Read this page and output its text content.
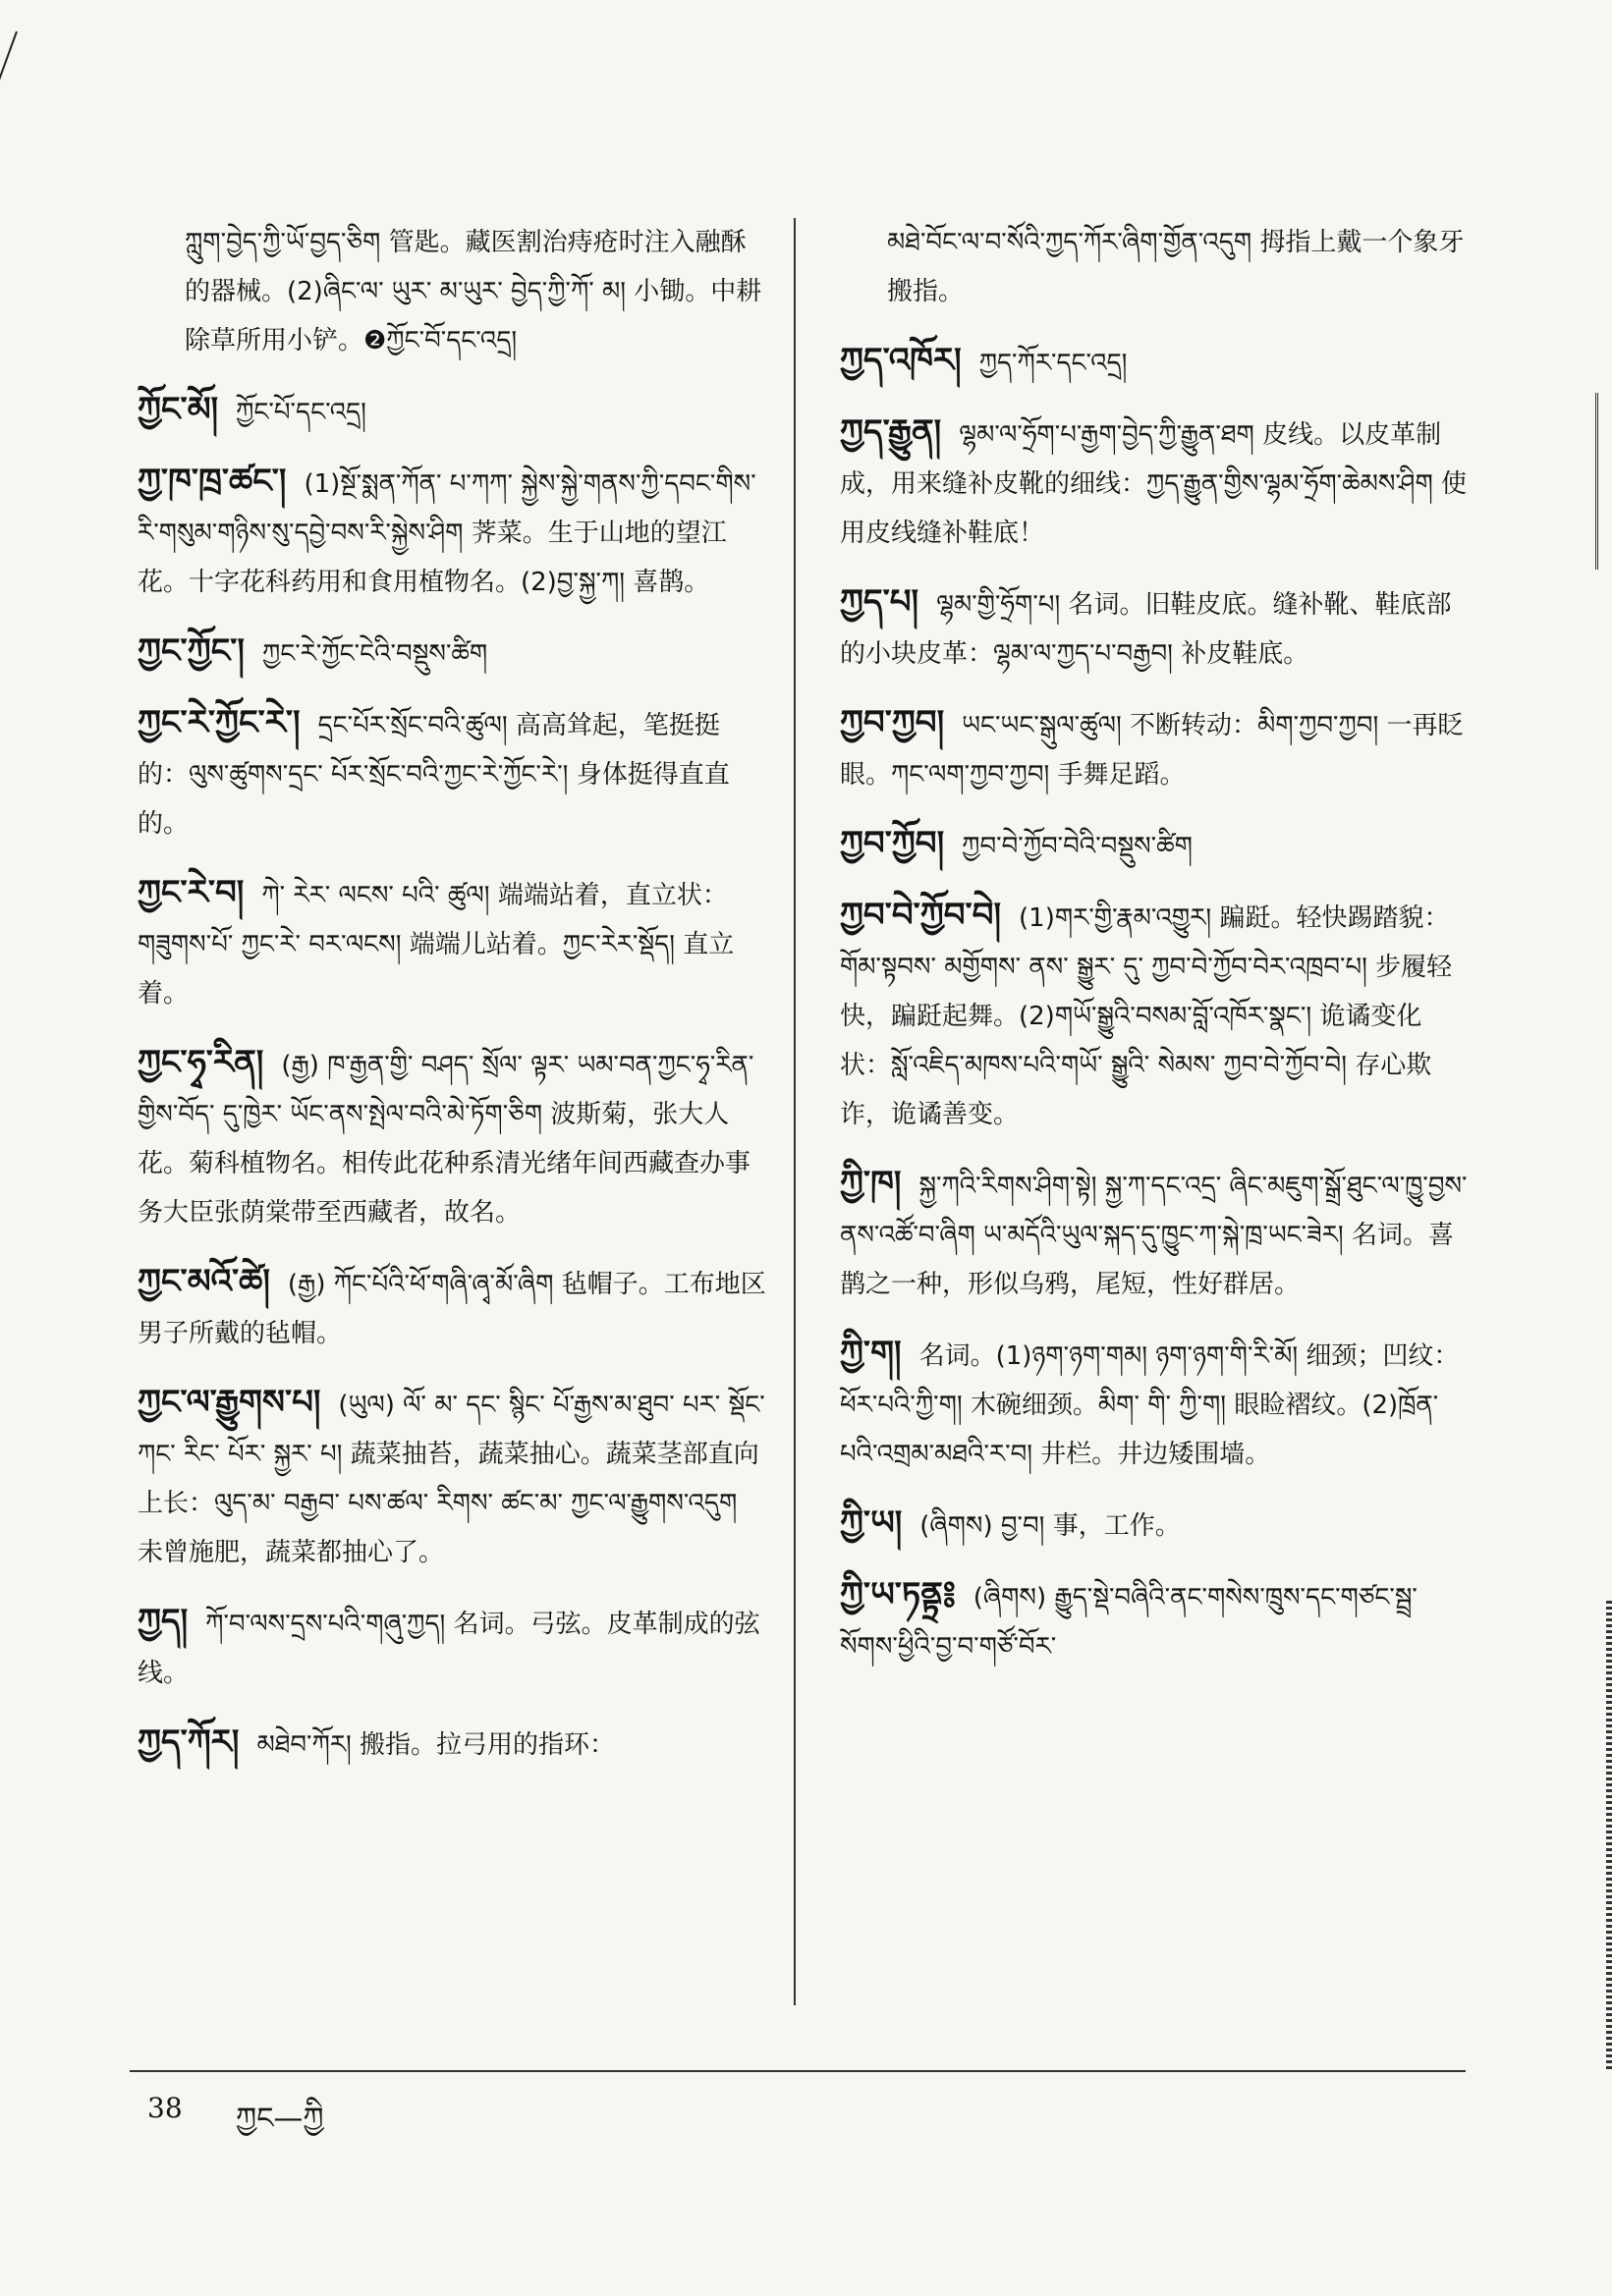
ཀླུག་བྱེད་ཀྱི་ཡོ་བྱད་ཅིག 管匙。藏医割治痔疮时注入融酥的器械。(2)ཞིང་ལ་ ཡུར་ མ་ཡུར་ བྱེད་ཀྱི་ཀོ་ མ། 小锄。中耕除草所用小铲。❷ཀྱོང་བོ་དང་འདྲ།
ཀྱོང་མོ། ཀྱོང་པོ་དང་འདྲ།
ཀྱ་ཁ་ཁྲ་ཚང་། (1)སྔོ་སྨན་ཀོན་ པ་ཀཀ་ སྐྱེས་སྐྱེ་གནས་ཀྱི་དབང་གིས་རི་གསུམ་གཉིས་སུ་དབྱེ་བས་རི་སྐྱེས་ཤིག 荠菜。生于山地的望江花。十字花科药用和食用植物名。(2)བྱ་སྐྱ་ཀ། 喜鹊。
ཀྱང་ཀྱོང་། ཀྱང་རེ་ཀྱོང་ངེའི་བསྡུས་ཚིག
ཀྱང་རེ་ཀྱོང་རེ་། དྲང་པོར་སྲོང་བའི་ཚུལ། 高高耸起，笔挺挺的：ལུས་ཚུགས་དྲང་ པོར་སྲོང་བའི་ཀྱང་རེ་ཀྱོང་རེ་། 身体挺得直直的。
ཀྱང་རེ་བ། ཀེ་ རེར་ ལངས་ པའི་ ཚུལ། 端端站着，直立状：གཟུགས་པོ་ ཀྱང་རེ་ བར་ལངས། 端端儿站着。ཀྱང་རེར་སྡོད། 直立着。
ཀྱང་ཧྭ་རིན། (རྒྱ) ཁ་རྒྱན་གྱི་ བཤད་ སྲོལ་ ལྟར་ ཡམ་བན་ཀྱང་ཧྭ་རིན་གྱིས་བོད་ དུ་ཁྱེར་ ཡོང་ནས་སྤེལ་བའི་མེ་ཏོག་ཅིག 波斯菊，张大人花。菊科植物名。相传此花种系清光绪年间西藏查办事务大臣张荫棠带至西藏者，故名。
ཀྱང་མའོ་ཚེ། (རྒྱ) ཀོང་པོའི་ཕོ་གཞི་ཞྭ་མོ་ཞིག 毡帽子。工布地区男子所戴的毡帽。
ཀྱང་ལ་རྒྱུགས་པ། (ཡུལ) ལོ་ མ་ དང་ སྙིང་ པོ་རྒྱས་མ་ཐུབ་ པར་ སྡོང་ཀང་ རིང་ པོར་ སྐྱར་ པ། 蔬菜抽苔，蔬菜抽心。蔬菜茎部直向上长：ལུད་མ་ བརྒྱབ་ པས་ཚལ་ རིགས་ ཚང་མ་ ཀྱང་ལ་རྒྱུགས་འདུག 未曾施肥，蔬菜都抽心了。
ཀྱད། ཀོ་བ་ལས་དྲས་པའི་གཞུ་ཀྱད། 名词。弓弦。皮革制成的弦线。
ཀྱད་ཀོར། མཐེབ་ཀོར། 搬指。拉弓用的指环：
མཐེ་བོང་ལ་བ་སོའི་ཀྱད་ཀོར་ཞིག་གྱོན་འདུག 拇指上戴一个象牙搬指。
ཀྱད་འཁོར། ཀྱད་ཀོར་དང་འདྲ།
ཀྱད་རྒྱུན། ལྷམ་ལ་ཧྲོག་པ་རྒྱག་བྱེད་ཀྱི་རྒྱུན་ཐག 皮线。以皮革制成，用来缝补皮靴的细线：ཀྱད་རྒྱུན་གྱིས་ལྷམ་ཧྲོག་ཆེམས་ཤིག 使用皮线缝补鞋底！
ཀྱད་པ། ལྷམ་གྱི་ཧྲོག་པ། 名词。旧鞋皮底。缝补靴、鞋底部的小块皮革：ལྷམ་ལ་ཀྱད་པ་བརྒྱབ། 补皮鞋底。
ཀྱབ་ཀྱབ། ཡང་ཡང་སྒུལ་ཚུལ། 不断转动：མིག་ཀྱབ་ཀྱབ། 一再眨眼。ཀང་ལག་ཀྱབ་ཀྱབ། 手舞足蹈。
ཀྱབ་ཀྱོབ། ཀྱབ་བེ་ཀྱོབ་བེའི་བསྡུས་ཚིག
ཀྱབ་བེ་ཀྱོབ་བེ། (1)གར་གྱི་རྣམ་འགྱུར། 蹁跹。轻快踢踏貌：གོམ་སྟབས་ མགྱོགས་ ནས་ སྒྱུར་ དུ་ ཀྱབ་བེ་ཀྱོབ་བེར་འཁྲབ་པ། 步履轻快，蹁跹起舞。(2)གཡོ་སྒྱུའི་བསམ་བློ་འཁོར་སྣང་། 诡谲变化状：སློ་འཇིད་མཁས་པའི་གཡོ་ སྒྱུའི་ སེམས་ ཀྱབ་བེ་ཀྱོབ་བེ། 存心欺诈，诡谲善变。
ཀྱི་ཁ། སྐྱ་ཀའི་རིགས་ཤིག་སྟེ། སྐྱ་ཀ་དང་འདྲ་ ཞིང་མཇུག་སྒྲོ་ཐུང་ལ་ཁྱུ་བྱས་ནས་འཚོ་བ་ཞིག ཡ་མདོའི་ཡུལ་སྐད་དུ་ཁྱུང་ཀ་སྐེ་ཁྲ་ཡང་ཟེར། 名词。喜鹊之一种，形似乌鸦，尾短，性好群居。
ཀྱི་ག། 名词。(1)ཉག་ཉག་གམ། ཉག་ཉག་གི་རི་མོ། 细颈；凹纹：ཕོར་པའི་ཀྱི་ག། 木碗细颈。མིག་ གི་ ཀྱི་ག། 眼睑褶纹。(2)ཁྲོན་པའི་འགྲམ་མཐའི་ར་བ། 井栏。井边矮围墙。
ཀྱི་ཡ། (ཞིགས) བྱ་བ། 事，工作。
ཀྱི་ཡ་ཏནྟྲ༔ (ཞིགས) རྒྱུད་སྡེ་བཞིའི་ནང་གསེས་ཁྲུས་དང་གཙང་སྦྲ་སོགས་ཕྱིའི་བྱ་བ་གཙོ་བོར་
38 ཀྱང—ཀྱི
